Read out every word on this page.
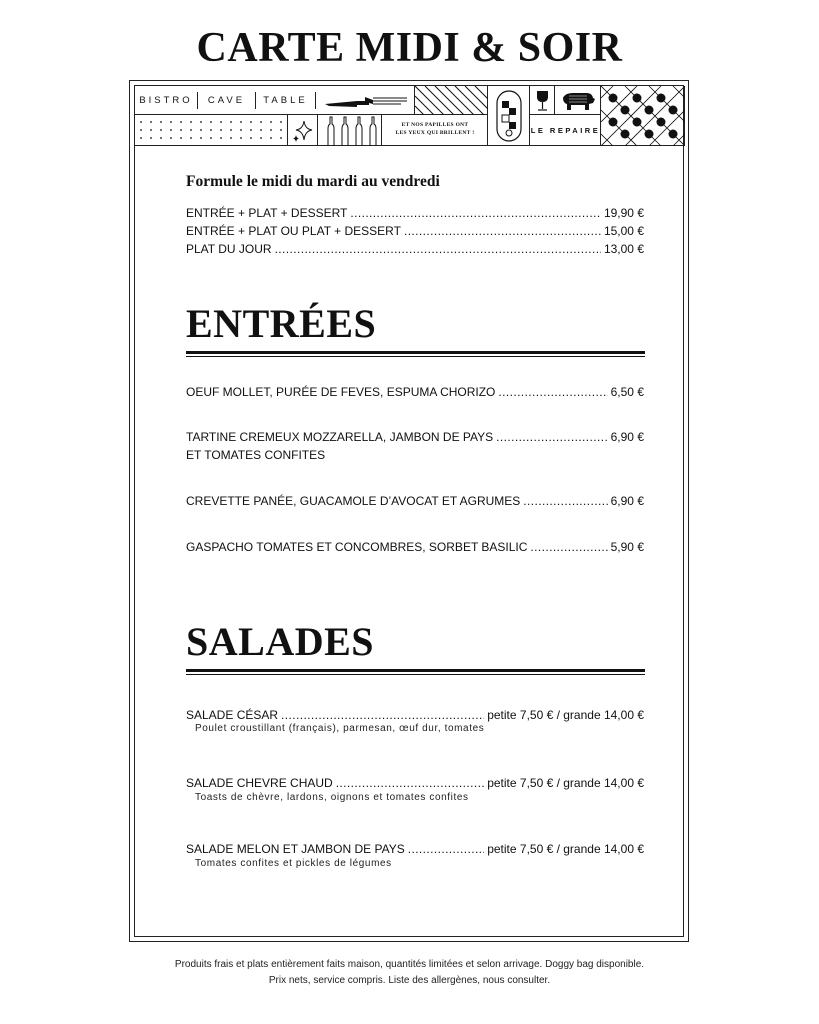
CARTE MIDI & SOIR
BISTRO	CAVE	TABLE
ET NOS PAPILLES ONT
LES YEUX QUI BRILLENT !	LE REPAIRE
Formule le midi du mardi au vendredi
ENTRÉE + PLAT + DESSERT .....	19,90 €
ENTRÉE + PLAT OU PLAT + DESSERT .....	15,00 €
PLAT DU JOUR .....	13,00 €
ENTRÉES
OEUF MOLLET, PURÉE DE FEVES, ESPUMA CHORIZO .....	6,50 €
TARTINE CREMEUX MOZZARELLA, JAMBON DE PAYS .....	6,90 €
ET TOMATES CONFITES
CREVETTE PANÉE, GUACAMOLE D’AVOCAT ET AGRUMES .....	6,90 €
GASPACHO TOMATES ET CONCOMBRES, SORBET BASILIC .....	5,90 €
SALADES
SALADE CÉSAR .....	petite 7,50 € / grande 14,00 €
Poulet croustillant (français), parmesan, œuf dur, tomates
SALADE CHEVRE CHAUD .....	petite 7,50 € / grande 14,00 €
Toasts de chèvre, lardons, oignons et tomates confites
SALADE MELON ET JAMBON DE PAYS .....	petite 7,50 € / grande 14,00 €
Tomates confites et pickles de légumes
Produits frais et plats entièrement faits maison, quantités limitées et selon arrivage. Doggy bag disponible.
Prix nets, service compris. Liste des allergènes, nous consulter.
